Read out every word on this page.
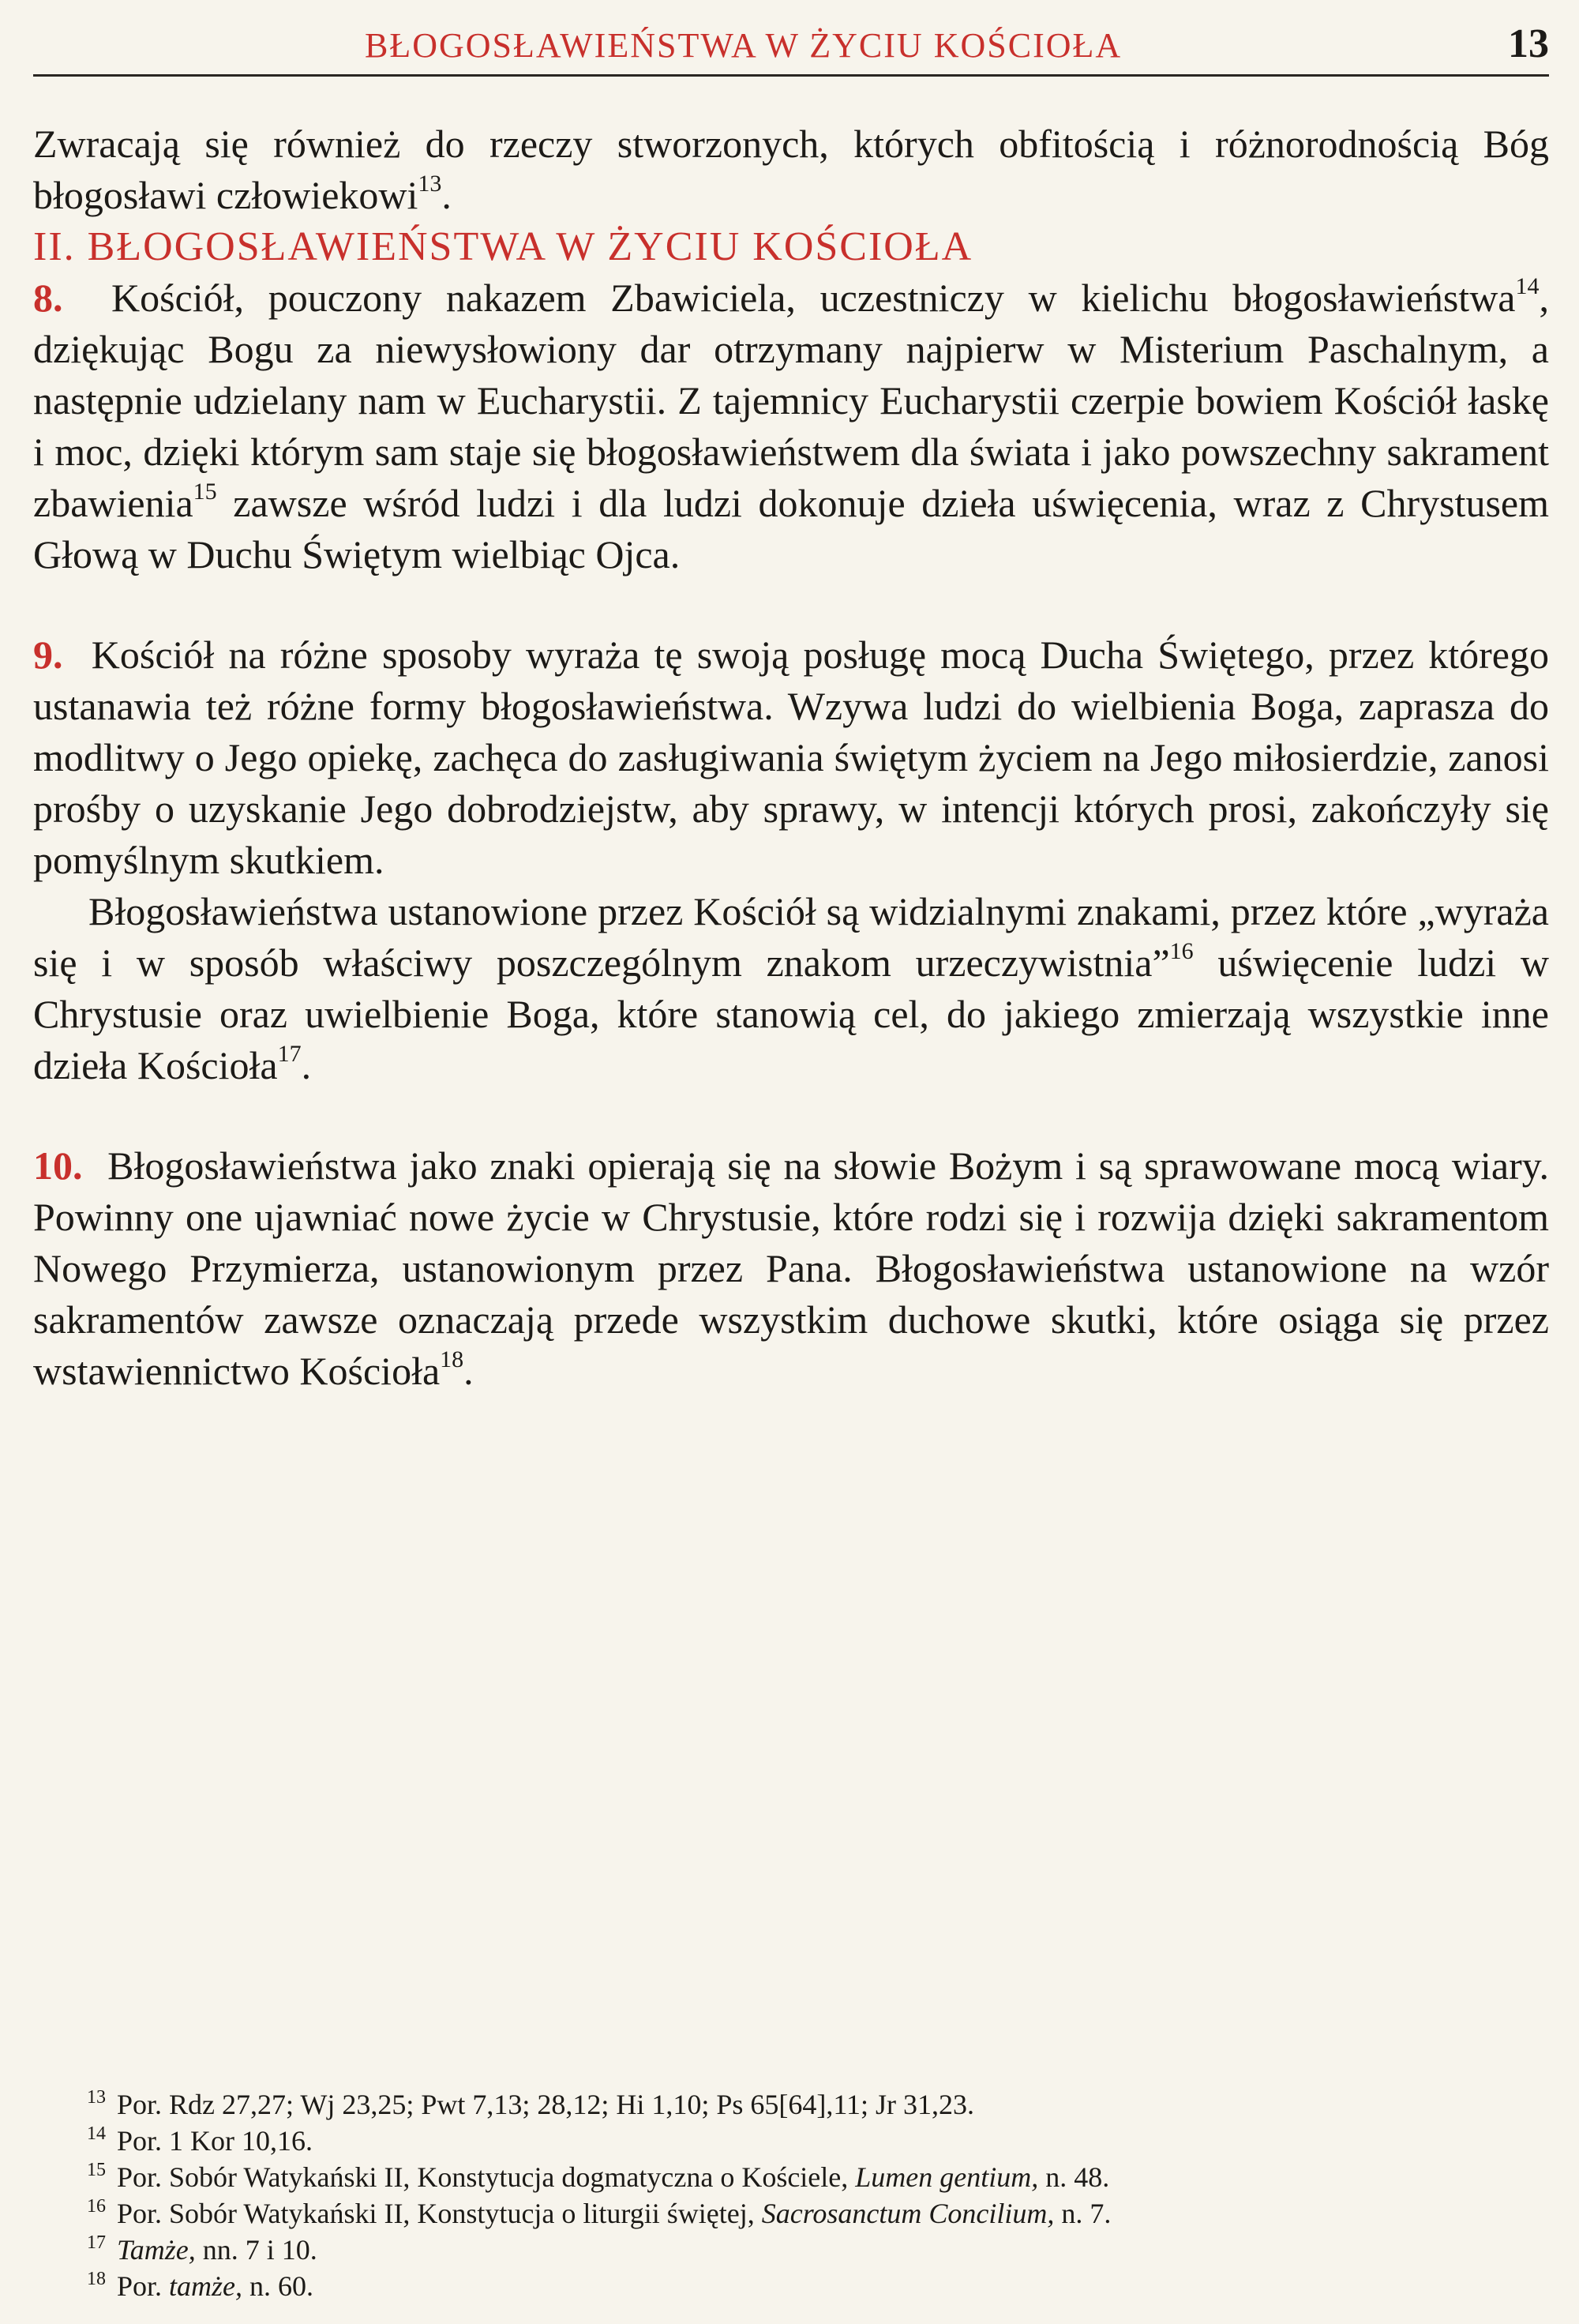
BŁOGOSŁAWIEŃSTWA W ŻYCIU KOŚCIOŁA	13

Zwracają się również do rzeczy stworzonych, których obfitością i różnorodnością Bóg błogosławi człowiekowi$^{13}$.

II. BŁOGOSŁAWIEŃSTWA W ŻYCIU KOŚCIOŁA

8. Kościół, pouczony nakazem Zbawiciela, uczestniczy w kielichu błogosławieństwa$^{14}$, dziękując Bogu za niewysłowiony dar otrzymany najpierw w Misterium Paschalnym, a następnie udzielany nam w Eucharystii. Z tajemnicy Eucharystii czerpie bowiem Kościół łaskę i moc, dzięki którym sam staje się błogosławieństwem dla świata i jako powszechny sakrament zbawienia$^{15}$ zawsze wśród ludzi i dla ludzi dokonuje dzieła uświęcenia, wraz z Chrystusem Głową w Duchu Świętym wielbiąc Ojca.

9. Kościół na różne sposoby wyraża tę swoją posługę mocą Ducha Świętego, przez którego ustanawia też różne formy błogosławieństwa. Wzywa ludzi do wielbienia Boga, zaprasza do modlitwy o Jego opiekę, zachęca do zasługiwania świętym życiem na Jego miłosierdzie, zanosi prośby o uzyskanie Jego dobrodziejstw, aby sprawy, w intencji których prosi, zakończyły się pomyślnym skutkiem.

Błogosławieństwa ustanowione przez Kościół są widzialnymi znakami, przez które „wyraża się i w sposób właściwy poszczególnym znakom urzeczywistnia”$^{16}$ uświęcenie ludzi w Chrystusie oraz uwielbienie Boga, które stanowią cel, do jakiego zmierzają wszystkie inne dzieła Kościoła$^{17}$.

10. Błogosławieństwa jako znaki opierają się na słowie Bożym i są sprawowane mocą wiary. Powinny one ujawniać nowe życie w Chrystusie, które rodzi się i rozwija dzięki sakramentom Nowego Przymierza, ustanowionym przez Pana. Błogosławieństwa ustanowione na wzór sakramentów zawsze oznaczają przede wszystkim duchowe skutki, które osiąga się przez wstawiennictwo Kościoła$^{18}$.

$^{13}$ Por. Rdz 27,27; Wj 23,25; Pwt 7,13; 28,12; Hi 1,10; Ps 65[64],11; Jr 31,23.
$^{14}$ Por. 1 Kor 10,16.
$^{15}$ Por. Sobór Watykański II, Konstytucja dogmatyczna o Kościele, Lumen gentium, n. 48.
$^{16}$ Por. Sobór Watykański II, Konstytucja o liturgii świętej, Sacrosanctum Concilium, n. 7.
$^{17}$ Tamże, nn. 7 i 10.
$^{18}$ Por. tamże, n. 60.
